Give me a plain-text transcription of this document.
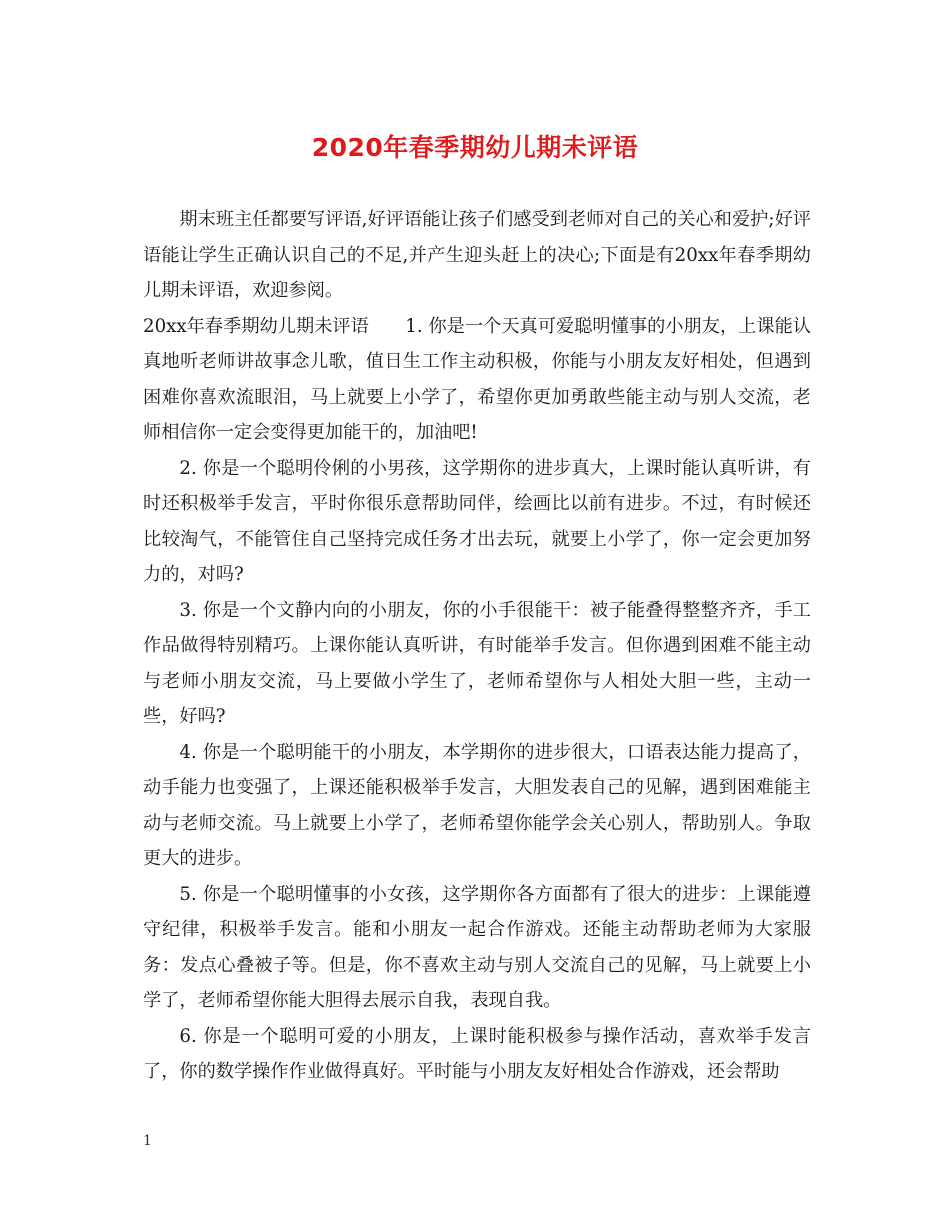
2020年春季期幼儿期未评语

期末班主任都要写评语,好评语能让孩子们感受到老师对自己的关心和爱护;好评语能让学生正确认识自己的不足,并产生迎头赶上的决心;下面是有20xx年春季期幼儿期未评语，欢迎参阅。

20xx年春季期幼儿期未评语　　1. 你是一个天真可爱聪明懂事的小朋友，上课能认真地听老师讲故事念儿歌，值日生工作主动积极，你能与小朋友友好相处，但遇到困难你喜欢流眼泪，马上就要上小学了，希望你更加勇敢些能主动与别人交流，老师相信你一定会变得更加能干的，加油吧!

2. 你是一个聪明伶俐的小男孩，这学期你的进步真大，上课时能认真听讲，有时还积极举手发言，平时你很乐意帮助同伴，绘画比以前有进步。不过，有时候还比较淘气，不能管住自己坚持完成任务才出去玩，就要上小学了，你一定会更加努力的，对吗?

3. 你是一个文静内向的小朋友，你的小手很能干：被子能叠得整整齐齐，手工作品做得特别精巧。上课你能认真听讲，有时能举手发言。但你遇到困难不能主动与老师小朋友交流，马上要做小学生了，老师希望你与人相处大胆一些，主动一些，好吗?

4. 你是一个聪明能干的小朋友，本学期你的进步很大，口语表达能力提高了，动手能力也变强了，上课还能积极举手发言，大胆发表自己的见解，遇到困难能主动与老师交流。马上就要上小学了，老师希望你能学会关心别人，帮助别人。争取更大的进步。

5. 你是一个聪明懂事的小女孩，这学期你各方面都有了很大的进步：上课能遵守纪律，积极举手发言。能和小朋友一起合作游戏。还能主动帮助老师为大家服务：发点心叠被子等。但是，你不喜欢主动与别人交流自己的见解，马上就要上小学了，老师希望你能大胆得去展示自我，表现自我。

6. 你是一个聪明可爱的小朋友，上课时能积极参与操作活动，喜欢举手发言了，你的数学操作作业做得真好。平时能与小朋友友好相处合作游戏，还会帮助

1
